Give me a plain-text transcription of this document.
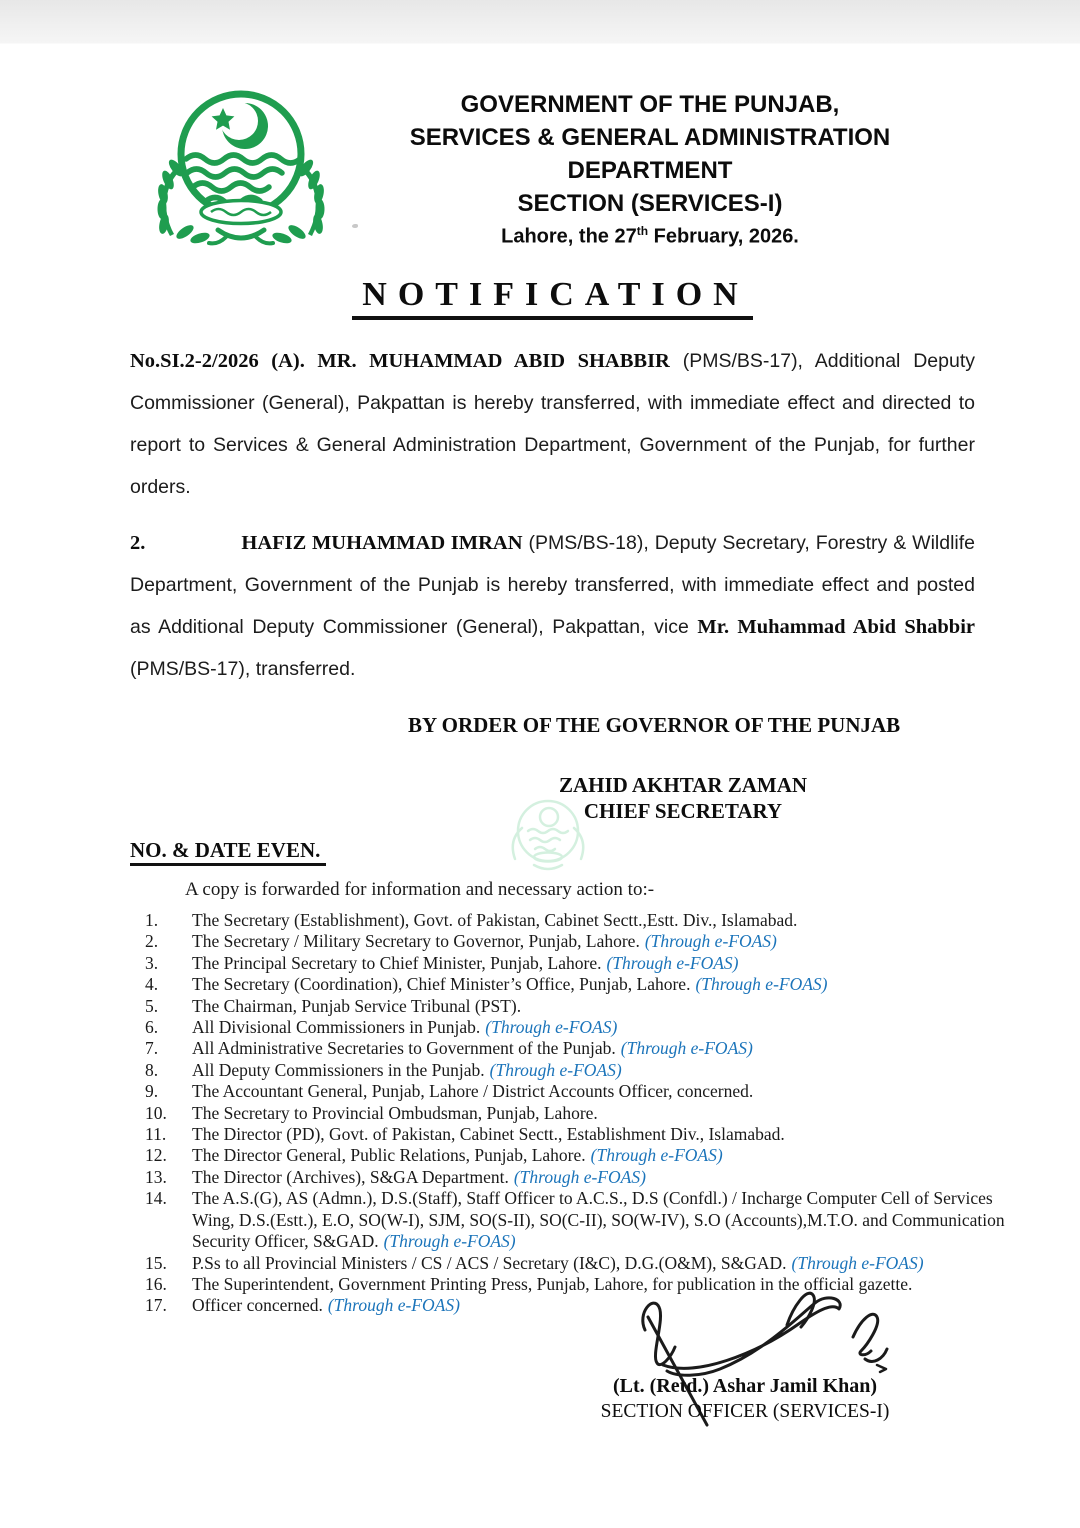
GOVERNMENT OF THE PUNJAB,
SERVICES & GENERAL ADMINISTRATION
DEPARTMENT
SECTION (SERVICES-I)
Lahore, the 27th February, 2026.
NOTIFICATION

No.SI.2-2/2026 (A). MR. MUHAMMAD ABID SHABBIR (PMS/BS-17), Additional Deputy Commissioner (General), Pakpattan is hereby transferred, with immediate effect and directed to report to Services & General Administration Department, Government of the Punjab, for further orders.

2.	HAFIZ MUHAMMAD IMRAN (PMS/BS-18), Deputy Secretary, Forestry & Wildlife Department, Government of the Punjab is hereby transferred, with immediate effect and posted as Additional Deputy Commissioner (General), Pakpattan, vice Mr. Muhammad Abid Shabbir (PMS/BS-17), transferred.

BY ORDER OF THE GOVERNOR OF THE PUNJAB
ZAHID AKHTAR ZAMAN
CHIEF SECRETARY
NO. & DATE EVEN.
A copy is forwarded for information and necessary action to:-
1.	The Secretary (Establishment), Govt. of Pakistan, Cabinet Sectt.,Estt. Div., Islamabad.
2.	The Secretary / Military Secretary to Governor, Punjab, Lahore. (Through e-FOAS)
3.	The Principal Secretary to Chief Minister, Punjab, Lahore. (Through e-FOAS)
4.	The Secretary (Coordination), Chief Minister’s Office, Punjab, Lahore. (Through e-FOAS)
5.	The Chairman, Punjab Service Tribunal (PST).
6.	All Divisional Commissioners in Punjab. (Through e-FOAS)
7.	All Administrative Secretaries to Government of the Punjab. (Through e-FOAS)
8.	All Deputy Commissioners in the Punjab. (Through e-FOAS)
9.	The Accountant General, Punjab, Lahore / District Accounts Officer, concerned.
10.	The Secretary to Provincial Ombudsman, Punjab, Lahore.
11.	The Director (PD), Govt. of Pakistan, Cabinet Sectt., Establishment Div., Islamabad.
12.	The Director General, Public Relations, Punjab, Lahore. (Through e-FOAS)
13.	The Director (Archives), S&GA Department. (Through e-FOAS)
14.	The A.S.(G), AS (Admn.), D.S.(Staff), Staff Officer to A.C.S., D.S (Confdl.) / Incharge Computer Cell of Services Wing, D.S.(Estt.), E.O, SO(W-I), SJM, SO(S-II), SO(C-II), SO(W-IV), S.O (Accounts),M.T.O. and Communication Security Officer, S&GAD. (Through e-FOAS)
15.	P.Ss to all Provincial Ministers / CS / ACS / Secretary (I&C), D.G.(O&M), S&GAD. (Through e-FOAS)
16.	The Superintendent, Government Printing Press, Punjab, Lahore, for publication in the official gazette.
17.	Officer concerned. (Through e-FOAS)
(Lt. (Retd.) Ashar Jamil Khan)
SECTION OFFICER (SERVICES-I)
